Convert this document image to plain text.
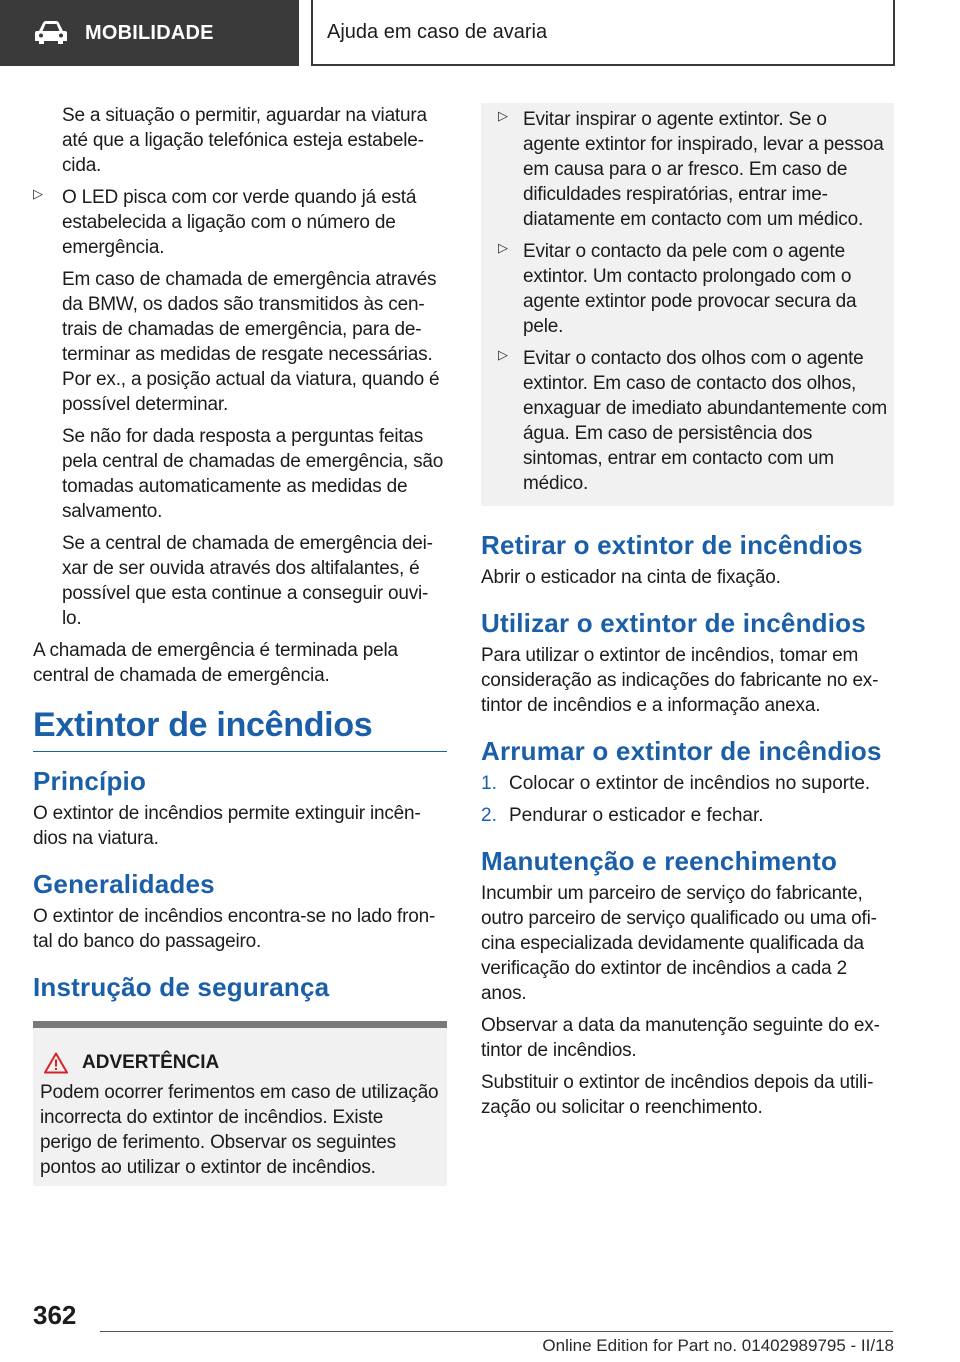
MOBILIDADE	Ajuda em caso de avaria

Se a situação o permitir, aguardar na viatura até que a ligação telefónica esteja estabelecida.

▷ O LED pisca com cor verde quando já está estabelecida a ligação com o número de emergência.

Em caso de chamada de emergência através da BMW, os dados são transmitidos às centrais de chamadas de emergência, para determinar as medidas de resgate necessárias. Por ex., a posição actual da viatura, quando é possível determinar.

Se não for dada resposta a perguntas feitas pela central de chamadas de emergência, são tomadas automaticamente as medidas de salvamento.

Se a central de chamada de emergência deixar de ser ouvida através dos altifalantes, é possível que esta continue a conseguir ouvi-lo.

A chamada de emergência é terminada pela central de chamada de emergência.

Extintor de incêndios
Princípio

O extintor de incêndios permite extinguir incêndios na viatura.

Generalidades

O extintor de incêndios encontra-se no lado frontal do banco do passageiro.

Instrução de segurança
ADVERTÊNCIA

Podem ocorrer ferimentos em caso de utilização incorrecta do extintor de incêndios. Existe perigo de ferimento. Observar os seguintes pontos ao utilizar o extintor de incêndios.

▷ Evitar inspirar o agente extintor. Se o agente extintor for inspirado, levar a pessoa em causa para o ar fresco. Em caso de dificuldades respiratórias, entrar imediatamente em contacto com um médico.

▷ Evitar o contacto da pele com o agente extintor. Um contacto prolongado com o agente extintor pode provocar secura da pele.

▷ Evitar o contacto dos olhos com o agente extintor. Em caso de contacto dos olhos, enxaguar de imediato abundantemente com água. Em caso de persistência dos sintomas, entrar em contacto com um médico.

Retirar o extintor de incêndios

Abrir o esticador na cinta de fixação.

Utilizar o extintor de incêndios

Para utilizar o extintor de incêndios, tomar em consideração as indicações do fabricante no extintor de incêndios e a informação anexa.

Arrumar o extintor de incêndios
1. Colocar o extintor de incêndios no suporte.
2. Pendurar o esticador e fechar.
Manutenção e reenchimento

Incumbir um parceiro de serviço do fabricante, outro parceiro de serviço qualificado ou uma oficina especializada devidamente qualificada da verificação do extintor de incêndios a cada 2 anos.

Observar a data da manutenção seguinte do extintor de incêndios.

Substituir o extintor de incêndios depois da utilização ou solicitar o reenchimento.

362
Online Edition for Part no. 01402989795 - II/18
